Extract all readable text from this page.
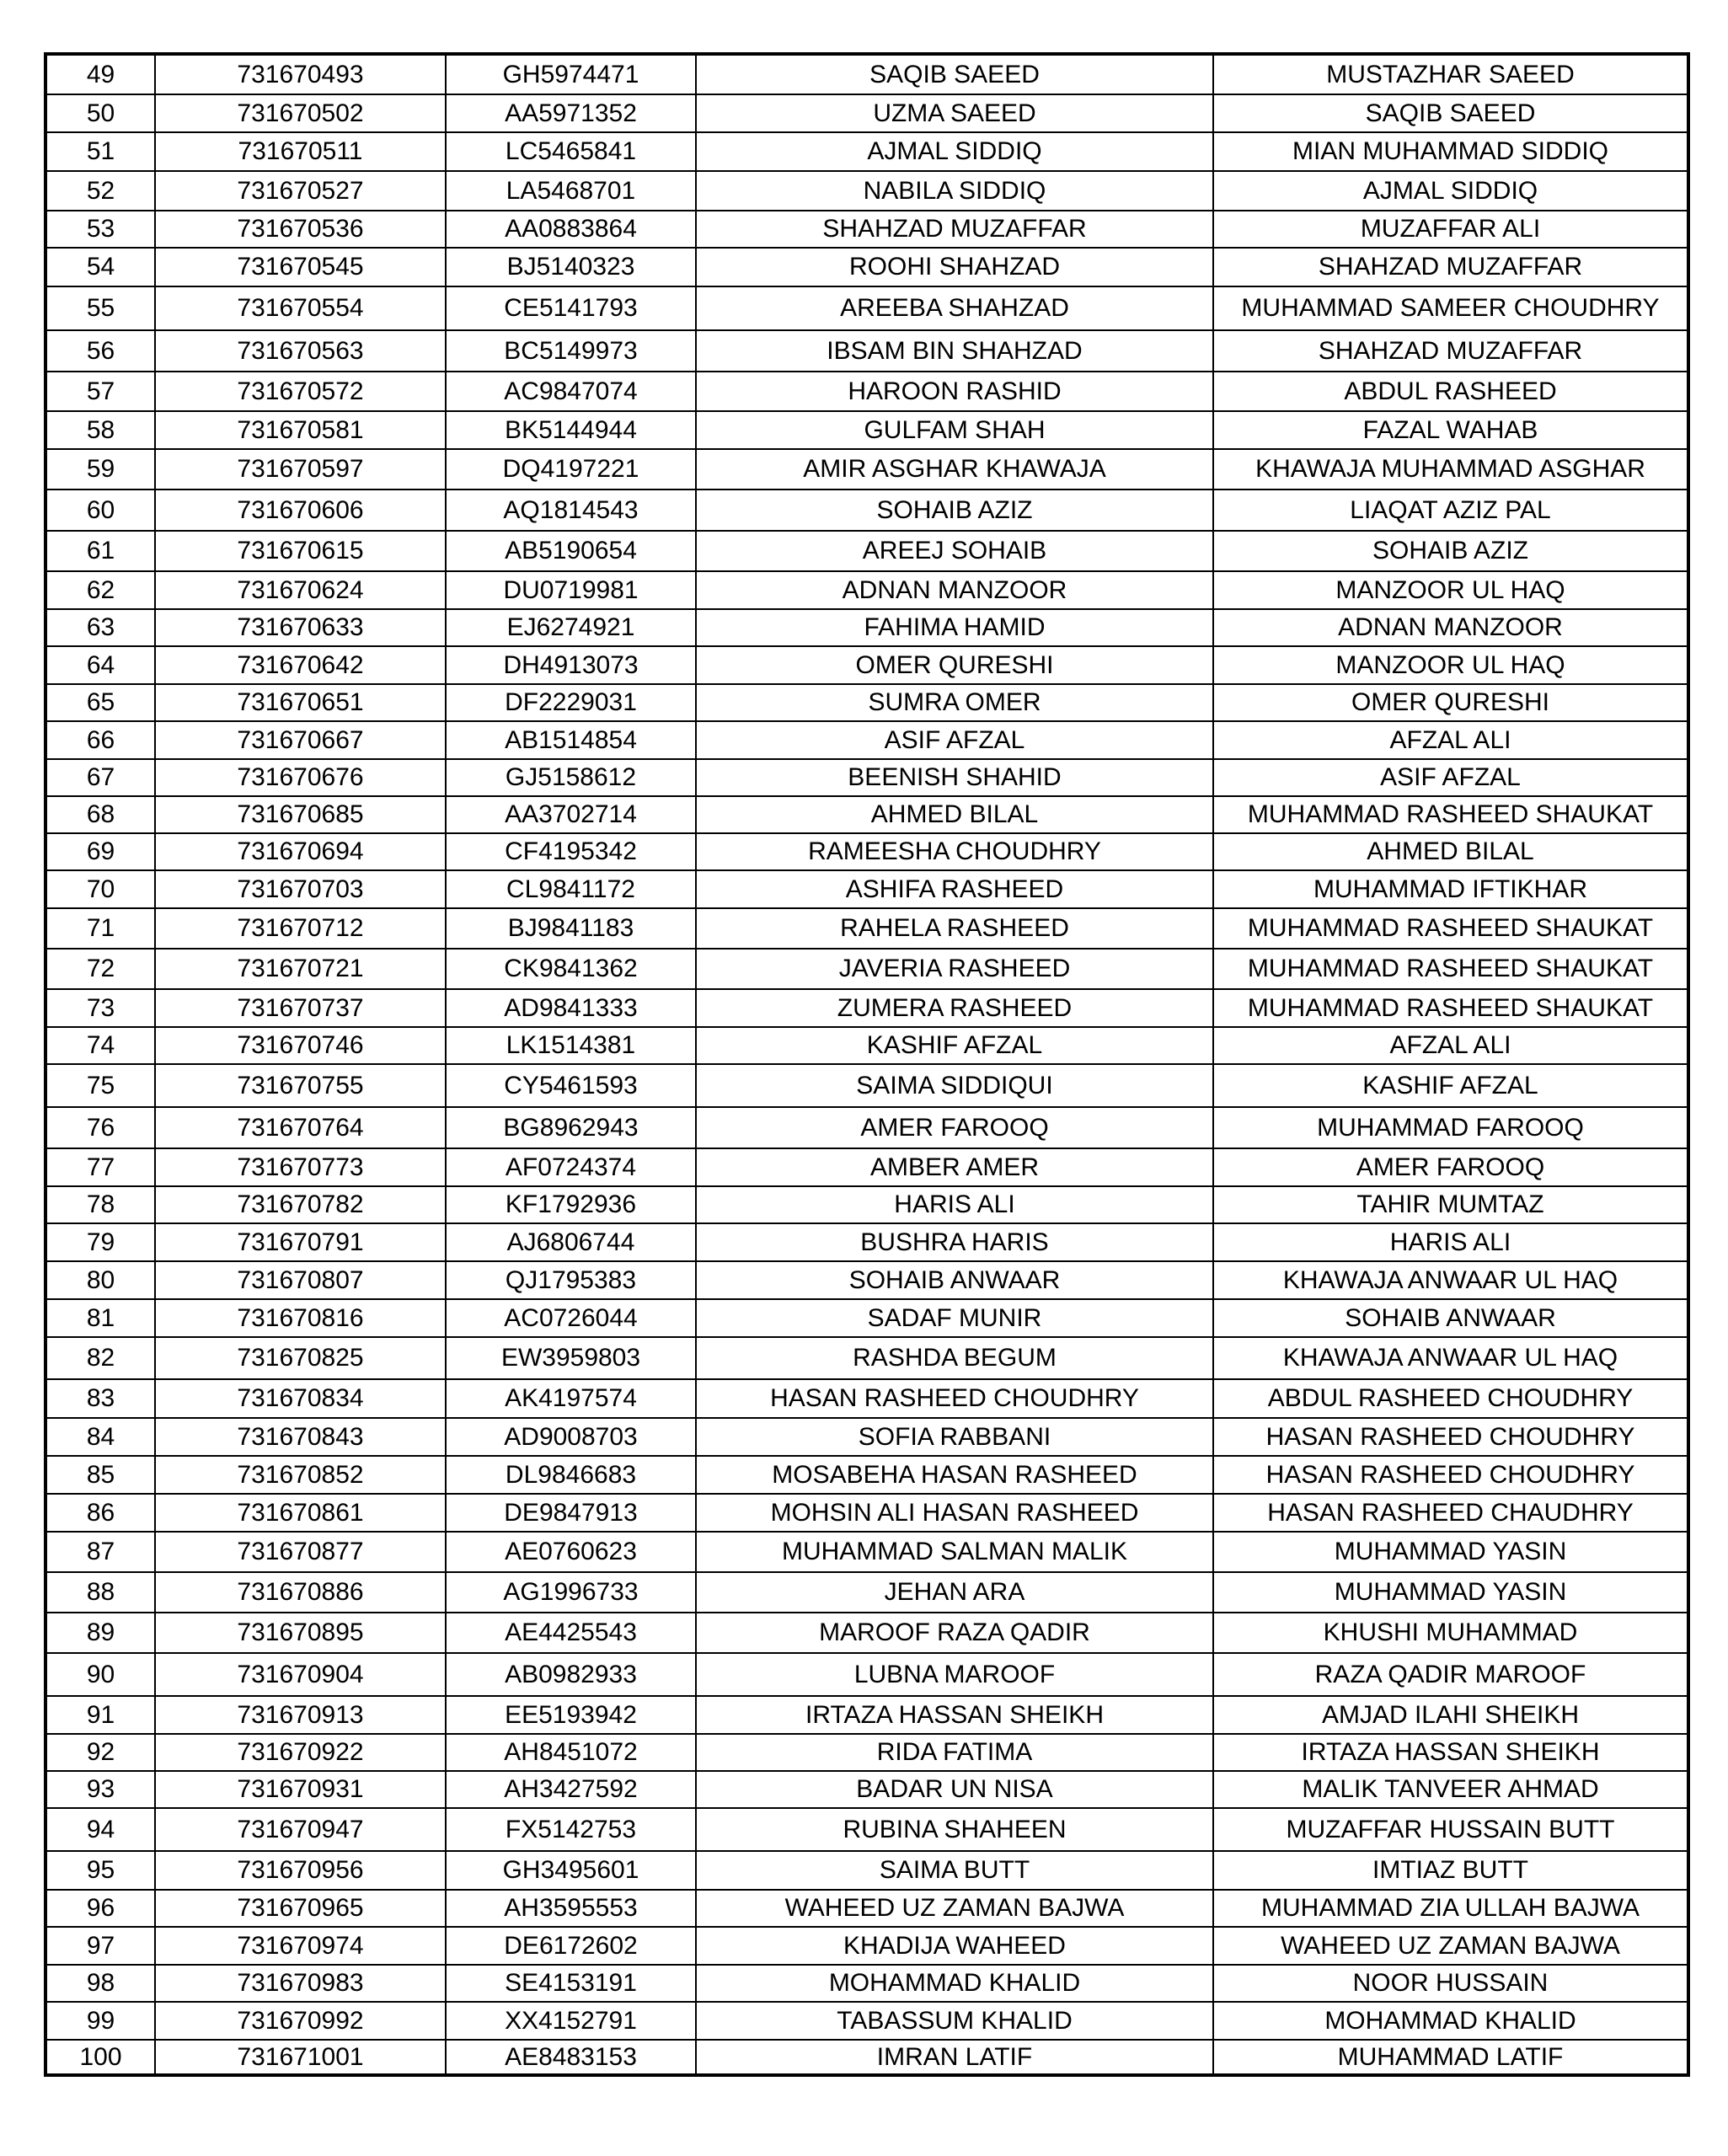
49	731670493	GH5974471	SAQIB SAEED	MUSTAZHAR SAEED
50	731670502	AA5971352	UZMA SAEED	SAQIB SAEED
51	731670511	LC5465841	AJMAL SIDDIQ	MIAN MUHAMMAD SIDDIQ
52	731670527	LA5468701	NABILA SIDDIQ	AJMAL SIDDIQ
53	731670536	AA0883864	SHAHZAD MUZAFFAR	MUZAFFAR ALI
54	731670545	BJ5140323	ROOHI SHAHZAD	SHAHZAD MUZAFFAR
55	731670554	CE5141793	AREEBA SHAHZAD	MUHAMMAD SAMEER CHOUDHRY
56	731670563	BC5149973	IBSAM BIN SHAHZAD	SHAHZAD MUZAFFAR
57	731670572	AC9847074	HAROON RASHID	ABDUL RASHEED
58	731670581	BK5144944	GULFAM SHAH	FAZAL WAHAB
59	731670597	DQ4197221	AMIR ASGHAR KHAWAJA	KHAWAJA MUHAMMAD ASGHAR
60	731670606	AQ1814543	SOHAIB AZIZ	LIAQAT AZIZ PAL
61	731670615	AB5190654	AREEJ SOHAIB	SOHAIB AZIZ
62	731670624	DU0719981	ADNAN MANZOOR	MANZOOR UL HAQ
63	731670633	EJ6274921	FAHIMA HAMID	ADNAN MANZOOR
64	731670642	DH4913073	OMER QURESHI	MANZOOR UL HAQ
65	731670651	DF2229031	SUMRA OMER	OMER QURESHI
66	731670667	AB1514854	ASIF AFZAL	AFZAL ALI
67	731670676	GJ5158612	BEENISH SHAHID	ASIF AFZAL
68	731670685	AA3702714	AHMED BILAL	MUHAMMAD RASHEED SHAUKAT
69	731670694	CF4195342	RAMEESHA CHOUDHRY	AHMED BILAL
70	731670703	CL9841172	ASHIFA RASHEED	MUHAMMAD IFTIKHAR
71	731670712	BJ9841183	RAHELA RASHEED	MUHAMMAD RASHEED SHAUKAT
72	731670721	CK9841362	JAVERIA RASHEED	MUHAMMAD RASHEED SHAUKAT
73	731670737	AD9841333	ZUMERA RASHEED	MUHAMMAD RASHEED SHAUKAT
74	731670746	LK1514381	KASHIF AFZAL	AFZAL ALI
75	731670755	CY5461593	SAIMA SIDDIQUI	KASHIF AFZAL
76	731670764	BG8962943	AMER FAROOQ	MUHAMMAD FAROOQ
77	731670773	AF0724374	AMBER AMER	AMER FAROOQ
78	731670782	KF1792936	HARIS ALI	TAHIR MUMTAZ
79	731670791	AJ6806744	BUSHRA HARIS	HARIS ALI
80	731670807	QJ1795383	SOHAIB ANWAAR	KHAWAJA ANWAAR UL HAQ
81	731670816	AC0726044	SADAF MUNIR	SOHAIB ANWAAR
82	731670825	EW3959803	RASHDA BEGUM	KHAWAJA ANWAAR UL HAQ
83	731670834	AK4197574	HASAN RASHEED CHOUDHRY	ABDUL RASHEED CHOUDHRY
84	731670843	AD9008703	SOFIA RABBANI	HASAN RASHEED CHOUDHRY
85	731670852	DL9846683	MOSABEHA HASAN RASHEED	HASAN RASHEED CHOUDHRY
86	731670861	DE9847913	MOHSIN ALI HASAN RASHEED	HASAN RASHEED CHAUDHRY
87	731670877	AE0760623	MUHAMMAD SALMAN MALIK	MUHAMMAD YASIN
88	731670886	AG1996733	JEHAN ARA	MUHAMMAD YASIN
89	731670895	AE4425543	MAROOF RAZA QADIR	KHUSHI MUHAMMAD
90	731670904	AB0982933	LUBNA MAROOF	RAZA QADIR MAROOF
91	731670913	EE5193942	IRTAZA HASSAN SHEIKH	AMJAD ILAHI SHEIKH
92	731670922	AH8451072	RIDA FATIMA	IRTAZA HASSAN SHEIKH
93	731670931	AH3427592	BADAR UN NISA	MALIK TANVEER AHMAD
94	731670947	FX5142753	RUBINA SHAHEEN	MUZAFFAR HUSSAIN BUTT
95	731670956	GH3495601	SAIMA BUTT	IMTIAZ BUTT
96	731670965	AH3595553	WAHEED UZ ZAMAN BAJWA	MUHAMMAD ZIA ULLAH BAJWA
97	731670974	DE6172602	KHADIJA WAHEED	WAHEED UZ ZAMAN BAJWA
98	731670983	SE4153191	MOHAMMAD KHALID	NOOR HUSSAIN
99	731670992	XX4152791	TABASSUM KHALID	MOHAMMAD KHALID
100	731671001	AE8483153	IMRAN LATIF	MUHAMMAD LATIF
